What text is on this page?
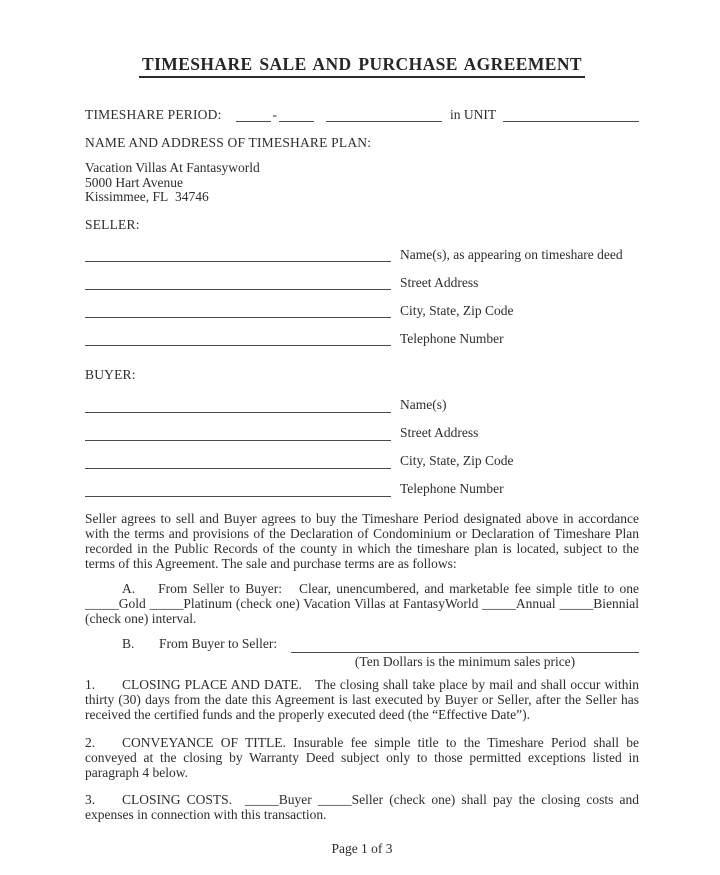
TIMESHARE SALE AND PURCHASE AGREEMENT
TIMESHARE PERIOD:	-	in UNIT
NAME AND ADDRESS OF TIMESHARE PLAN:
Vacation Villas At Fantasyworld
5000 Hart Avenue
Kissimmee, FL  34746
SELLER:
Name(s), as appearing on timeshare deed
Street Address
City, State, Zip Code
Telephone Number
BUYER:
Name(s)
Street Address
City, State, Zip Code
Telephone Number
Seller agrees to sell and Buyer agrees to buy the Timeshare Period designated above in accordance with the terms and provisions of the Declaration of Condominium or Declaration of Timeshare Plan recorded in the Public Records of the county in which the timeshare plan is located, subject to the terms of this Agreement. The sale and purchase terms are as follows:
A. From Seller to Buyer: Clear, unencumbered, and marketable fee simple title to one _____Gold _____Platinum (check one) Vacation Villas at FantasyWorld _____Annual _____Biennial (check one) interval.
B.	From Buyer to Seller:
(Ten Dollars is the minimum sales price)
1. CLOSING PLACE AND DATE. The closing shall take place by mail and shall occur within thirty (30) days from the date this Agreement is last executed by Buyer or Seller, after the Seller has received the certified funds and the properly executed deed (the “Effective Date”).
2. CONVEYANCE OF TITLE. Insurable fee simple title to the Timeshare Period shall be conveyed at the closing by Warranty Deed subject only to those permitted exceptions listed in paragraph 4 below.
3. CLOSING COSTS. _____Buyer _____Seller (check one) shall pay the closing costs and expenses in connection with this transaction.
Page 1 of 3
